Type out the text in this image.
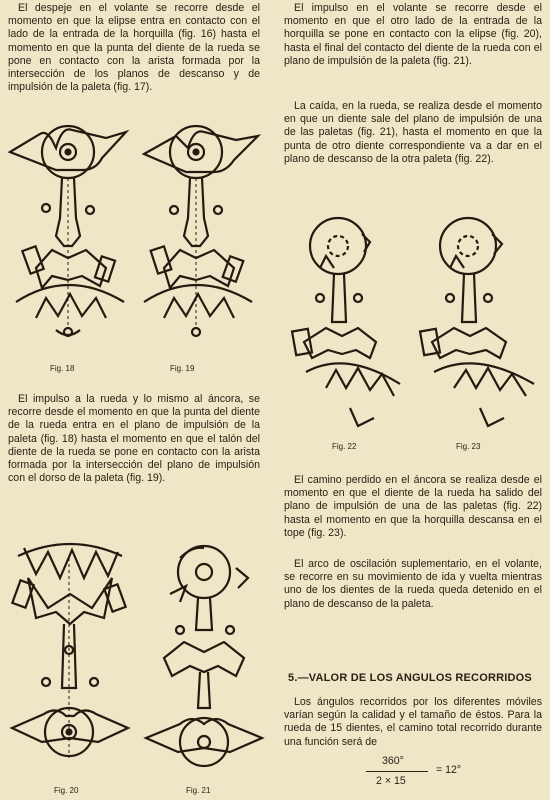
El despeje en el volante se recorre desde el momento en que la elipse entra en contacto con el lado de la entrada de la horquilla (fig. 16) hasta el momento en que la punta del diente de la rueda se pone en contacto con la arista formada por la intersección de los planos de descanso y de impulsión de la paleta (fig. 17).
Fig. 18	Fig. 19
El impulso a la rueda y lo mismo al áncora, se recorre desde el momento en que la punta del diente de la rueda entra en el plano de impulsión de la paleta (fig. 18) hasta el momento en que el talón del diente de la rueda se pone en contacto con la arista formada por la intersección del plano de impulsión con el dorso de la paleta (fig. 19).
Fig. 20	Fig. 21
El impulso en el volante se recorre desde el momento en que el otro lado de la entrada de la horquilla se pone en contacto con la elipse (fig. 20), hasta el final del contacto del diente de la rueda con el plano de impulsión de la paleta (fig. 21).
La caída, en la rueda, se realiza desde el momento en que un diente sale del plano de impulsión de una de las paletas (fig. 21), hasta el momento en que la punta de otro diente correspondiente va a dar en el plano de descanso de la otra paleta (fig. 22).
Fig. 22	Fig. 23
El camino perdido en el áncora se realiza desde el momento en que el diente de la rueda ha salido del plano de impulsión de una de las paletas (fig. 22) hasta el momento en que la horquilla descansa en el tope (fig. 23).
El arco de oscilación suplementario, en el volante, se recorre en su movimiento de ida y vuelta mientras uno de los dientes de la rueda queda detenido en el plano de descanso de la paleta.
5.—VALOR DE LOS ANGULOS RECORRIDOS
Los ángulos recorridos por los diferentes móviles varían según la calidad y el tamaño de éstos. Para la rueda de 15 dientes, el camino total recorrido durante una función será de
360°
2 × 15
= 12°
